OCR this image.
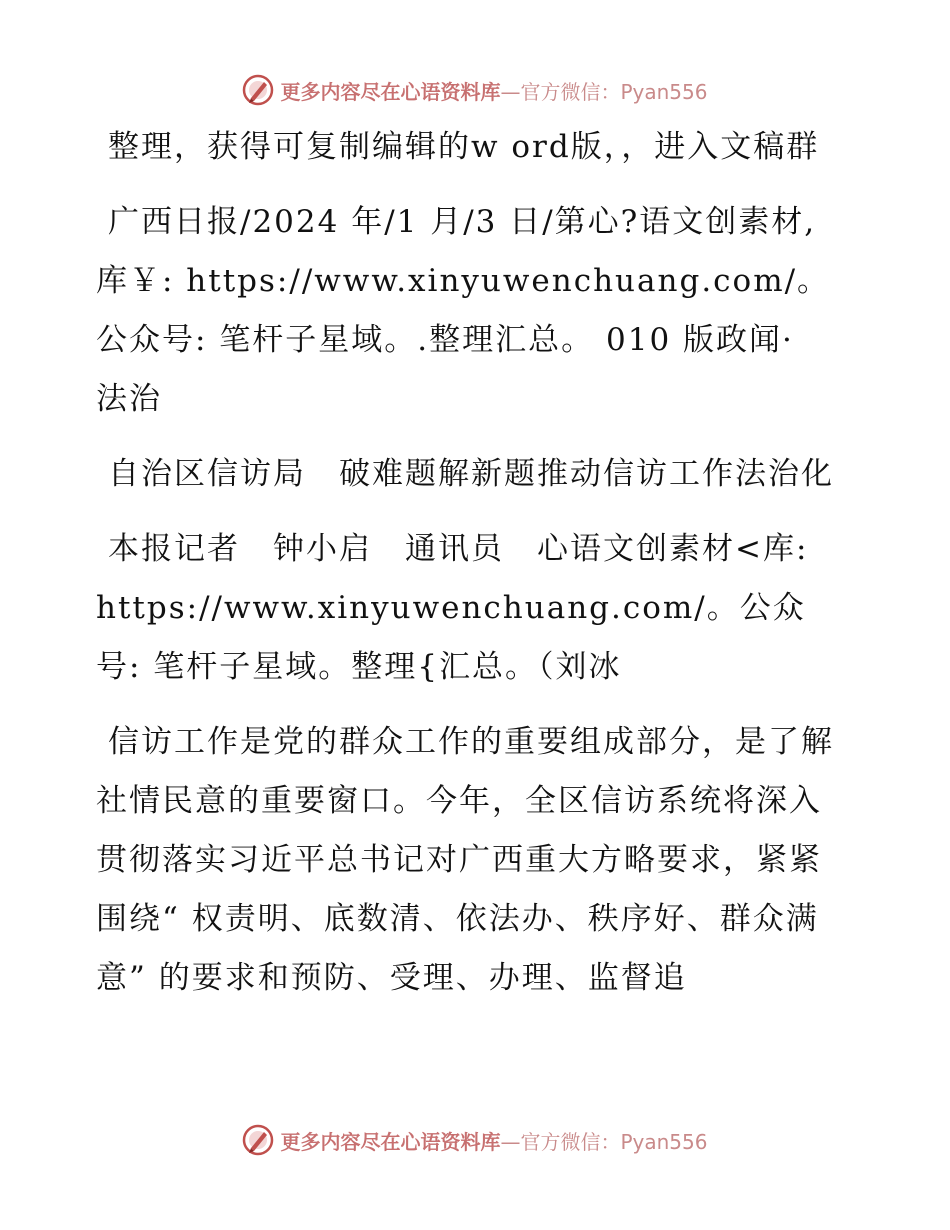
更多内容尽在心语资料库—官方微信：Pyan556

整理，获得可复制编辑的w ord版，，进入文稿群

广西日报/2024 年/1 月/3 日/第心?语文创素材,库￥: https://www.xinyuwenchuang.com/。公众号: 笔杆子星域。.整理汇总。 010 版政闻· 法治

自治区信访局　破难题解新题推动信访工作法治化

本报记者　钟小启　通讯员　心语文创素材<库: https://www.xinyuwenchuang.com/。公众号: 笔杆子星域。整理{汇总。（刘冰

信访工作是党的群众工作的重要组成部分，是了解社情民意的重要窗口。今年，全区信访系统将深入贯彻落实习近平总书记对广西重大方略要求，紧紧围绕“ 权责明、底数清、依法办、秩序好、群众满意” 的要求和预防、受理、办理、监督追

更多内容尽在心语资料库—官方微信：Pyan556
